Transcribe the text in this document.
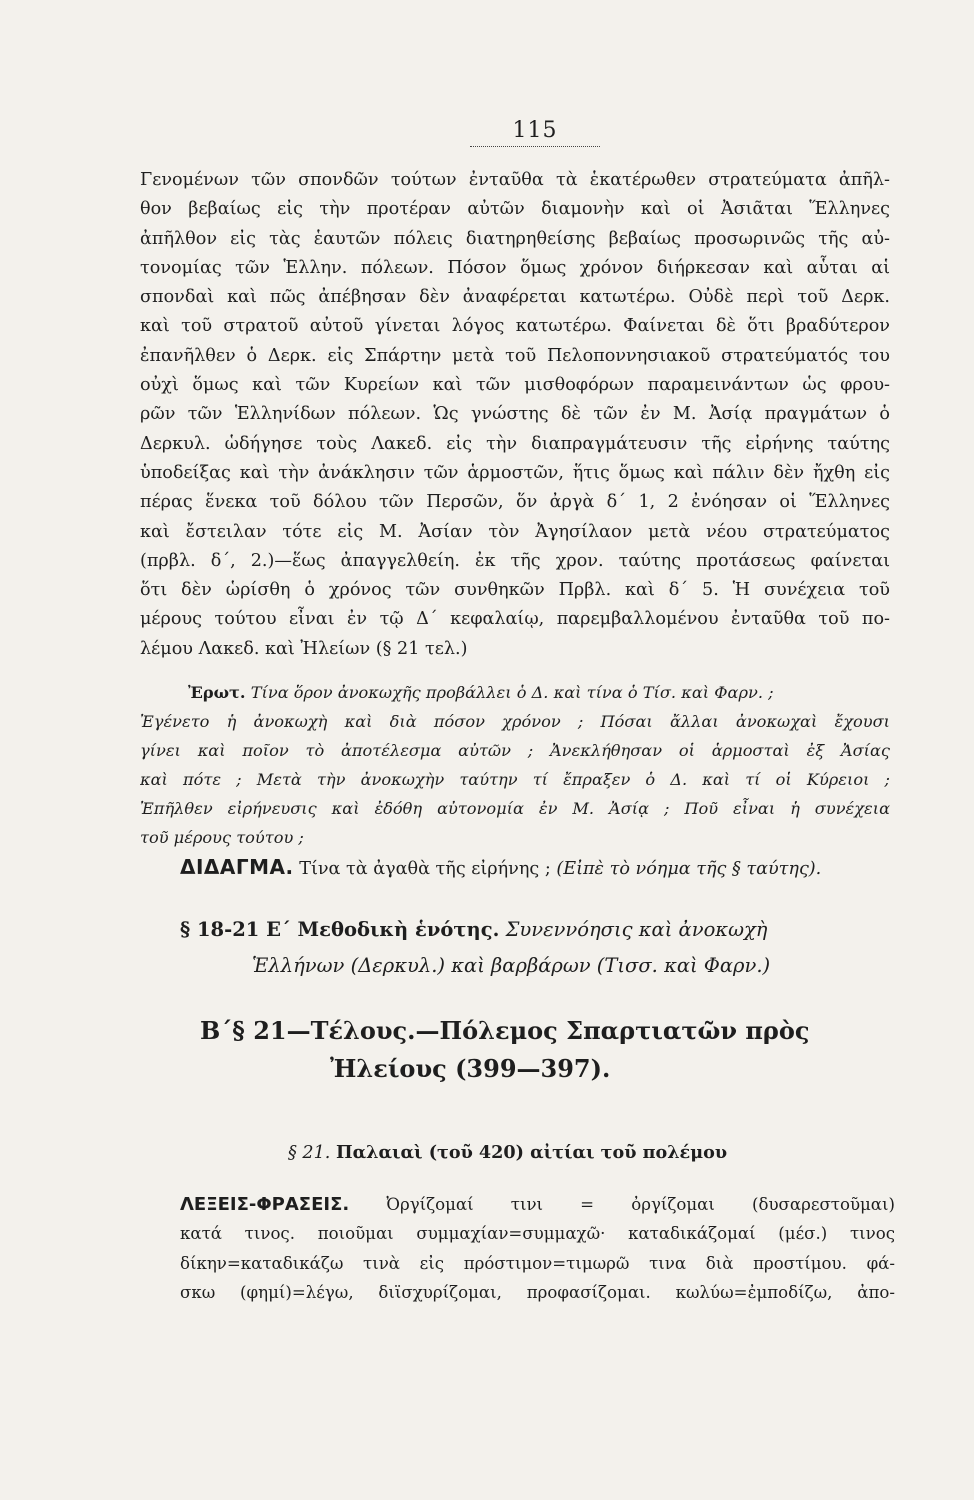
115
Γενομένων τῶν σπονδῶν τούτων ἐνταῦθα τὰ ἑκατέρωθεν στρατεύματα ἀπῆλ-
θον βεβαίως εἰς τὴν προτέραν αὐτῶν διαμονὴν καὶ οἱ Ἀσιᾶται Ἕλληνες
ἀπῆλθον εἰς τὰς ἑαυτῶν πόλεις διατηρηθείσης βεβαίως προσωρινῶς τῆς αὐ-
τονομίας τῶν Ἑλλην. πόλεων. Πόσον ὅμως χρόνον διήρκεσαν καὶ αὗται αἱ
σπονδαὶ καὶ πῶς ἀπέβησαν δὲν ἀναφέρεται κατωτέρω. Οὐδὲ περὶ τοῦ Δερκ.
καὶ τοῦ στρατοῦ αὐτοῦ γίνεται λόγος κατωτέρω. Φαίνεται δὲ ὅτι βραδύτερον
ἐπανῆλθεν ὁ Δερκ. εἰς Σπάρτην μετὰ τοῦ Πελοποννησιακοῦ στρατεύματός του
οὐχὶ ὅμως καὶ τῶν Κυρείων καὶ τῶν μισθοφόρων παραμεινάντων ὡς φρου-
ρῶν τῶν Ἑλληνίδων πόλεων. Ὡς γνώστης δὲ τῶν ἐν Μ. Ἀσίᾳ πραγμάτων ὁ
Δερκυλ. ὡδήγησε τοὺς Λακεδ. εἰς τὴν διαπραγμάτευσιν τῆς εἰρήνης ταύτης
ὑποδείξας καὶ τὴν ἀνάκλησιν τῶν ἁρμοστῶν, ἥτις ὅμως καὶ πάλιν δὲν ἤχθη εἰς
πέρας ἕνεκα τοῦ δόλου τῶν Περσῶν, ὅν ἀργὰ δ΄ 1, 2 ἐνόησαν οἱ Ἕλληνες
καὶ ἔστειλαν τότε εἰς Μ. Ἀσίαν τὸν Ἀγησίλαον μετὰ νέου στρατεύματος
(πρβλ. δ΄, 2.)—ἕως ἀπαγγελθείη. ἐκ τῆς χρον. ταύτης προτάσεως φαίνεται
ὅτι δὲν ὡρίσθη ὁ χρόνος τῶν συνθηκῶν Πρβλ. καὶ δ΄ 5. Ἡ συνέχεια τοῦ
μέρους τούτου εἶναι ἐν τῷ Δ΄ κεφαλαίῳ, παρεμβαλλομένου ἐνταῦθα τοῦ πο-
λέμου Λακεδ. καὶ Ἠλείων (§ 21 τελ.)
Ἐρωτ. Τίνα ὅρον ἀνοκωχῆς προβάλλει ὁ Δ. καὶ τίνα ὁ Τίσ. καὶ Φαρν. ;
Ἐγένετο ἡ ἀνοκωχὴ καὶ διὰ πόσον χρόνον ; Πόσαι ἄλλαι ἀνοκωχαὶ ἔχουσι
γίνει καὶ ποῖον τὸ ἀποτέλεσμα αὐτῶν ; Ἀνεκλήθησαν οἱ ἁρμοσταὶ ἐξ Ἀσίας
καὶ πότε ; Μετὰ τὴν ἀνοκωχὴν ταύτην τί ἔπραξεν ὁ Δ. καὶ τί οἱ Κύρειοι ;
Ἐπῆλθεν εἰρήνευσις καὶ ἐδόθη αὐτονομία ἐν Μ. Ἀσίᾳ ; Ποῦ εἶναι ἡ συνέχεια
τοῦ μέρους τούτου ;
ΔΙΔΑΓΜΑ. Τίνα τὰ ἀγαθὰ τῆς εἰρήνης ; (Εἰπὲ τὸ νόημα τῆς § ταύτης).
§ 18-21 Ε΄ Μεθοδικὴ ἑνότης. Συνεννόησις καὶ ἀνοκωχὴ
Ἑλλήνων (Δερκυλ.) καὶ βαρβάρων (Τισσ. καὶ Φαρν.)
Β΄§ 21—Τέλους.—Πόλεμος Σπαρτιατῶν πρὸς
Ἠλείους (399—397).
§ 21. Παλαιαὶ (τοῦ 420) αἰτίαι τοῦ πολέμου
ΛΕΞΕΙΣ-ΦΡΑΣΕΙΣ. Ὀργίζομαί τινι = ὀργίζομαι (δυσαρεστοῦμαι)
κατά τινος. ποιοῦμαι συμμαχίαν=συμμαχῶ· καταδικάζομαί (μέσ.) τινος
δίκην=καταδικάζω τινὰ εἰς πρόστιμον=τιμωρῶ τινα διὰ προστίμου. φά-
σκω (φημί)=λέγω, διϊσχυρίζομαι, προφασίζομαι. κωλύω=ἐμποδίζω, ἀπο-
